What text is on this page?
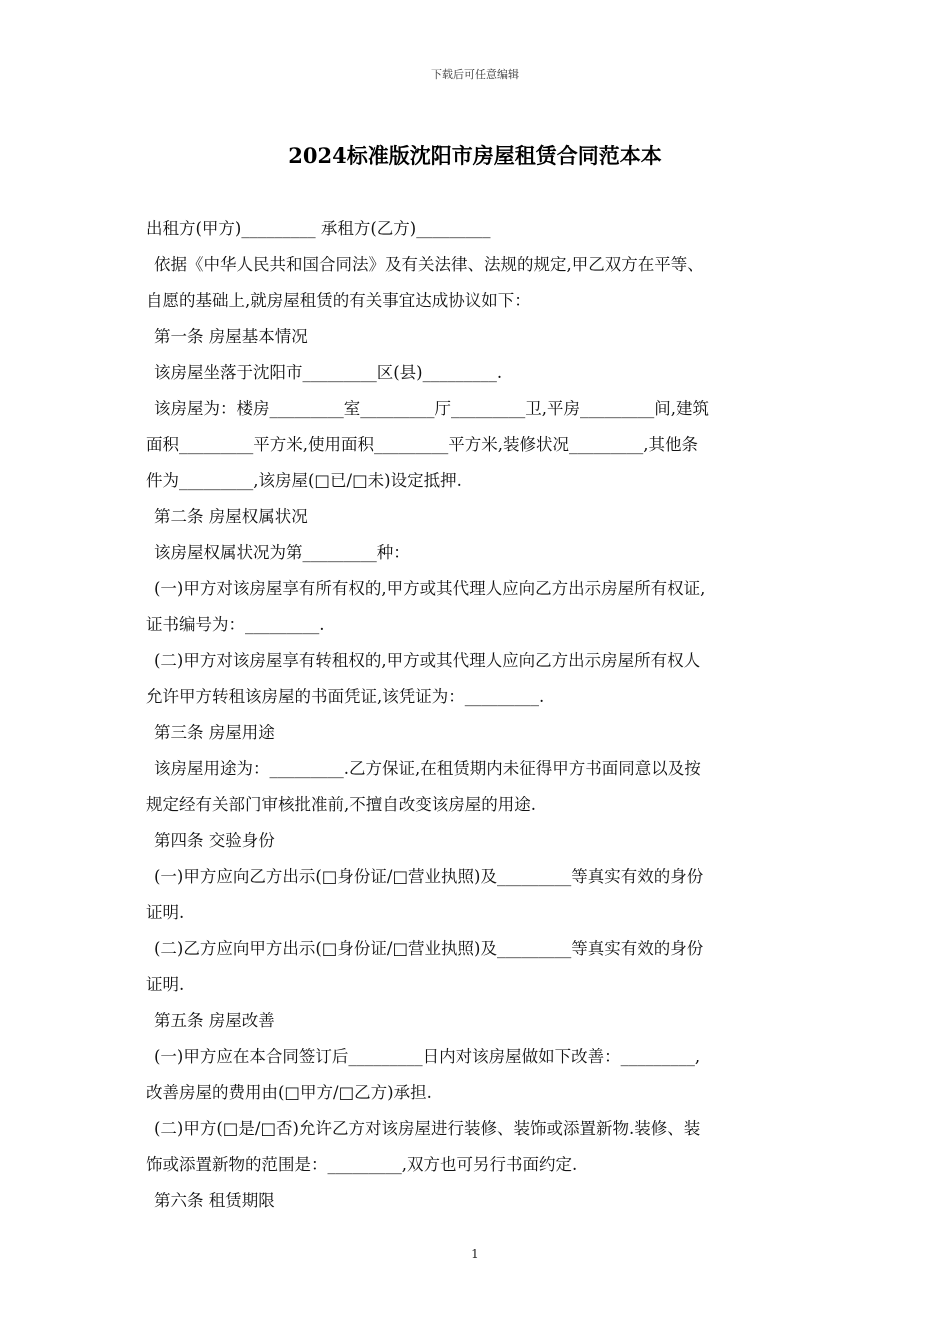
下载后可任意编辑
2024标准版沈阳市房屋租赁合同范本本
出租方(甲方)_________ 承租方(乙方)_________
依据《中华人民共和国合同法》及有关法律、法规的规定,甲乙双方在平等、
自愿的基础上,就房屋租赁的有关事宜达成协议如下：
第一条 房屋基本情况
该房屋坐落于沈阳市_________区(县)_________.
该房屋为：楼房_________室_________厅_________卫,平房_________间,建筑
面积_________平方米,使用面积_________平方米,装修状况_________,其他条
件为_________,该房屋(□已/□未)设定抵押.
第二条 房屋权属状况
该房屋权属状况为第_________种：
(一)甲方对该房屋享有所有权的,甲方或其代理人应向乙方出示房屋所有权证,
证书编号为：_________.
(二)甲方对该房屋享有转租权的,甲方或其代理人应向乙方出示房屋所有权人
允许甲方转租该房屋的书面凭证,该凭证为：_________.
第三条 房屋用途
该房屋用途为：_________.乙方保证,在租赁期内未征得甲方书面同意以及按
规定经有关部门审核批准前,不擅自改变该房屋的用途.
第四条 交验身份
(一)甲方应向乙方出示(□身份证/□营业执照)及_________等真实有效的身份
证明.
(二)乙方应向甲方出示(□身份证/□营业执照)及_________等真实有效的身份
证明.
第五条 房屋改善
(一)甲方应在本合同签订后_________日内对该房屋做如下改善：_________,
改善房屋的费用由(□甲方/□乙方)承担.
(二)甲方(□是/□否)允许乙方对该房屋进行装修、装饰或添置新物.装修、装
饰或添置新物的范围是：_________,双方也可另行书面约定.
第六条 租赁期限
1
